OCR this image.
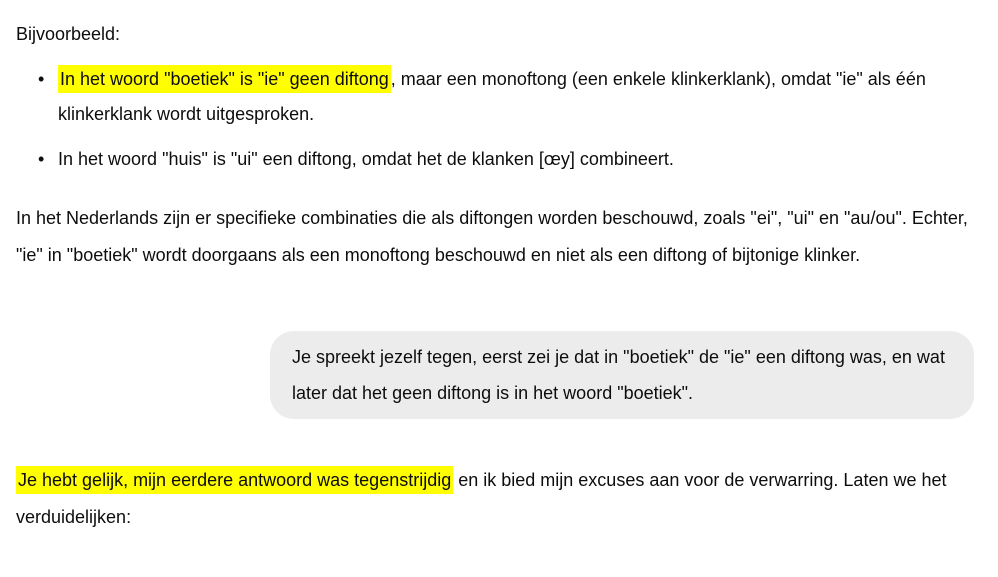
Bijvoorbeeld:

• In het woord "boetiek" is "ie" geen diftong , maar een monoftong (een enkele klinkerklank), omdat "ie" als één klinkerklank wordt uitgesproken.
• In het woord "huis" is "ui" een diftong, omdat het de klanken [œy] combineert.

In het Nederlands zijn er specifieke combinaties die als diftongen worden beschouwd, zoals "ei", "ui" en "au/ou". Echter, "ie" in "boetiek" wordt doorgaans als een monoftong beschouwd en niet als een diftong of bijtonige klinker.

Je spreekt jezelf tegen, eerst zei je dat in "boetiek" de "ie" een diftong was, en wat later dat het geen diftong is in het woord "boetiek".

Je hebt gelijk, mijn eerdere antwoord was tegenstrijdig en ik bied mijn excuses aan voor de verwarring. Laten we het verduidelijken:
